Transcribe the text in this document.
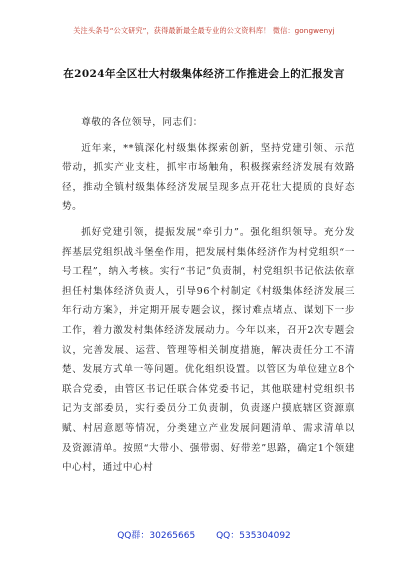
关注头条号“公文研究”，获得最新最全最专业的公文资料库！ 微信：gongwenyj
在2024年全区壮大村级集体经济工作推进会上的汇报发言

尊敬的各位领导，同志们：

近年来，**镇深化村级集体探索创新，坚持党建引领、示范带动，抓实产业支柱，抓牢市场触角，积极探索经济发展有效路径，推动全镇村级集体经济发展呈现多点开花壮大提质的良好态势。

抓好党建引领，提振发展“牵引力”。强化组织领导。充分发挥基层党组织战斗堡垒作用，把发展村集体经济作为村党组织“一号工程”，纳入考核。实行“书记”负责制，村党组织书记依法依章担任村集体经济负责人，引导96个村制定《村级集体经济发展三年行动方案》，并定期开展专题会议，探讨难点堵点、谋划下一步工作，着力激发村集体经济发展动力。今年以来，召开2次专题会议，完善发展、运营、管理等相关制度措施，解决责任分工不清楚、发展方式单一等问题。优化组织设置。以管区为单位建立8个联合党委，由管区书记任联合体党委书记，其他联建村党组织书记为支部委员，实行委员分工负责制，负责逐户摸底辖区资源禀赋、村居意愿等情况，分类建立产业发展问题清单、需求清单以及资源清单。按照“大带小、强带弱、好带差”思路，确定1个领建中心村，通过中心村

QQ群：30265665 QQ：535304092
